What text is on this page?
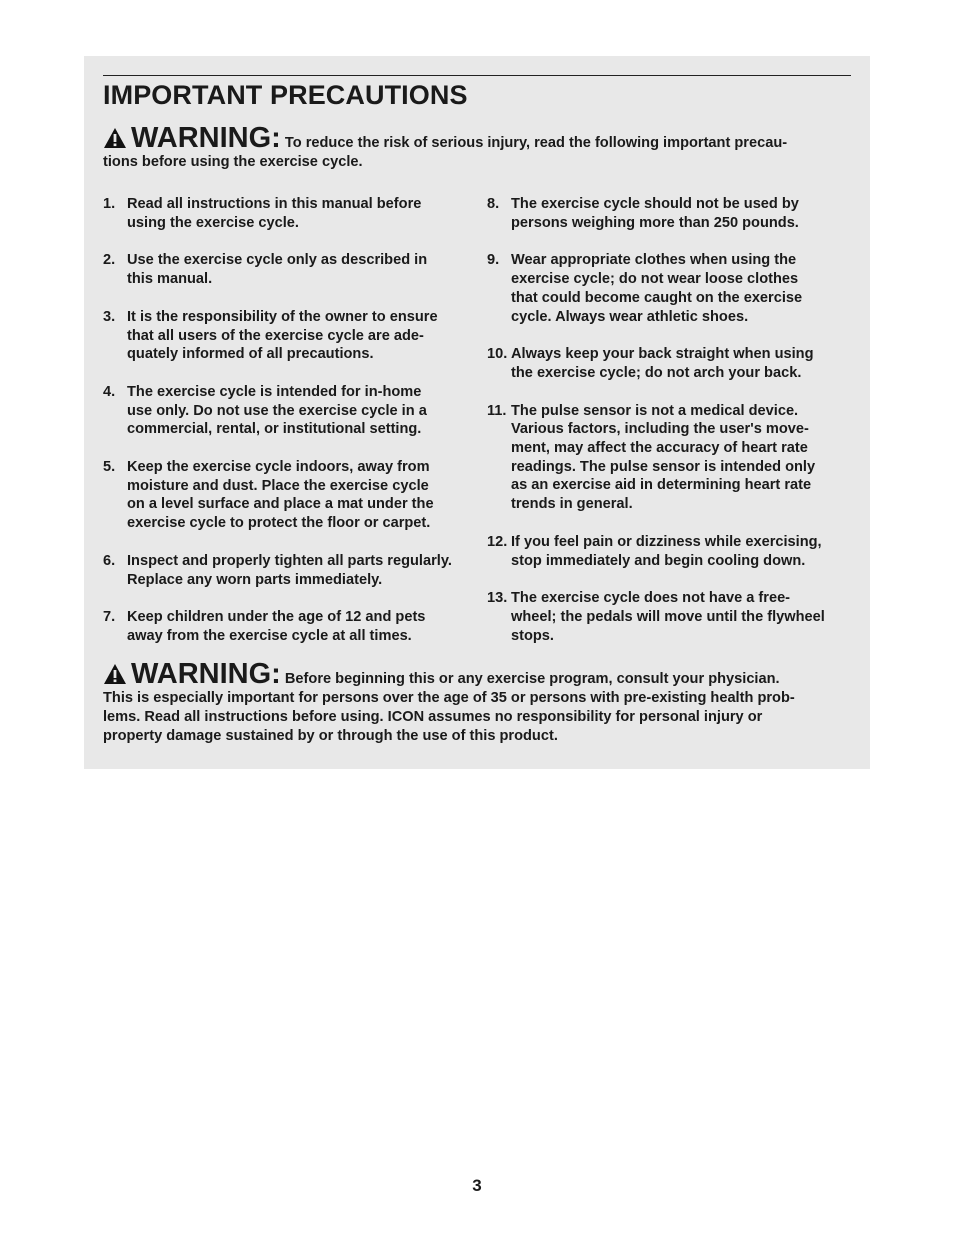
IMPORTANT PRECAUTIONS
WARNING: To reduce the risk of serious injury, read the following important precau-
tions before using the exercise cycle.
1. Read all instructions in this manual before
using the exercise cycle.
2. Use the exercise cycle only as described in
this manual.
3. It is the responsibility of the owner to ensure
that all users of the exercise cycle are ade-
quately informed of all precautions.
4. The exercise cycle is intended for in-home
use only. Do not use the exercise cycle in a
commercial, rental, or institutional setting.
5. Keep the exercise cycle indoors, away from
moisture and dust. Place the exercise cycle
on a level surface and place a mat under the
exercise cycle to protect the floor or carpet.
6. Inspect and properly tighten all parts regularly.
Replace any worn parts immediately.
7. Keep children under the age of 12 and pets
away from the exercise cycle at all times.
8. The exercise cycle should not be used by
persons weighing more than 250 pounds.
9. Wear appropriate clothes when using the
exercise cycle; do not wear loose clothes
that could become caught on the exercise
cycle. Always wear athletic shoes.
10. Always keep your back straight when using
the exercise cycle; do not arch your back.
11. The pulse sensor is not a medical device.
Various factors, including the user's move-
ment, may affect the accuracy of heart rate
readings. The pulse sensor is intended only
as an exercise aid in determining heart rate
trends in general.
12. If you feel pain or dizziness while exercising,
stop immediately and begin cooling down.
13. The exercise cycle does not have a free-
wheel; the pedals will move until the flywheel
stops.
WARNING: Before beginning this or any exercise program, consult your physician.
This is especially important for persons over the age of 35 or persons with pre-existing health prob-
lems. Read all instructions before using. ICON assumes no responsibility for personal injury or
property damage sustained by or through the use of this product.
3
